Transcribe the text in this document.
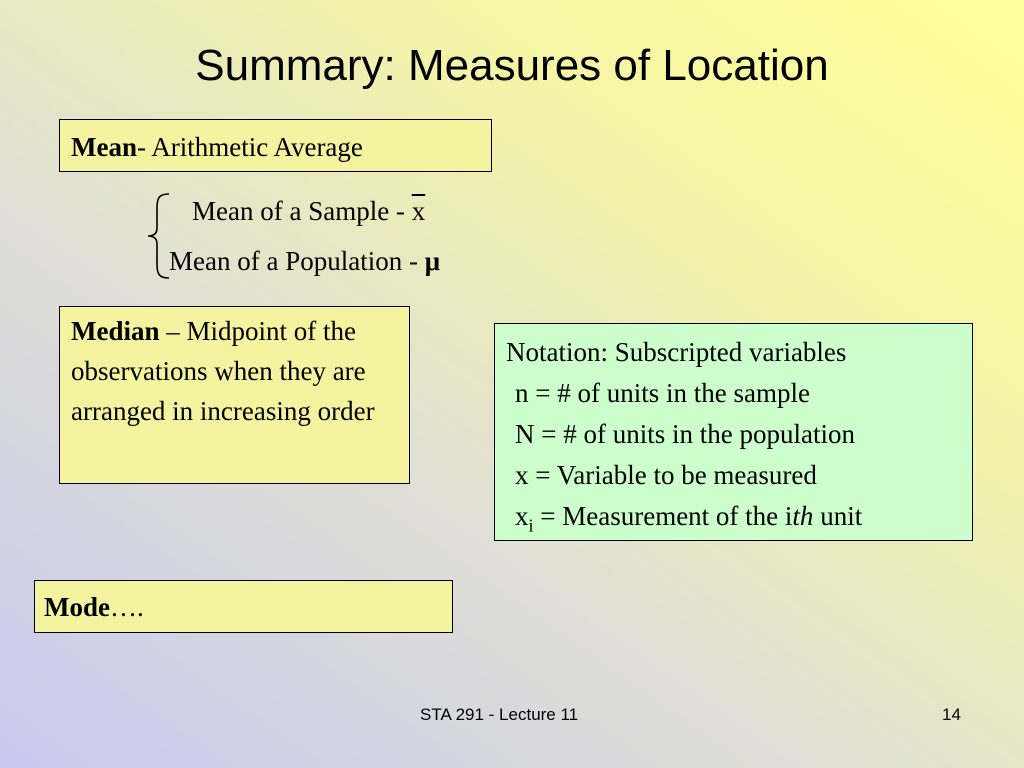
Summary: Measures of Location
Mean- Arithmetic Average
Mean of a Sample - $\overline{x}$
Mean of a Population - μ
Median – Midpoint of the observations when they are arranged in increasing order
Notation: Subscripted variables
n = # of units in the sample
N = # of units in the population
x = Variable to be measured
$x_i$ = Measurement of the ith unit
Mode….
STA 291 - Lecture 11	14
